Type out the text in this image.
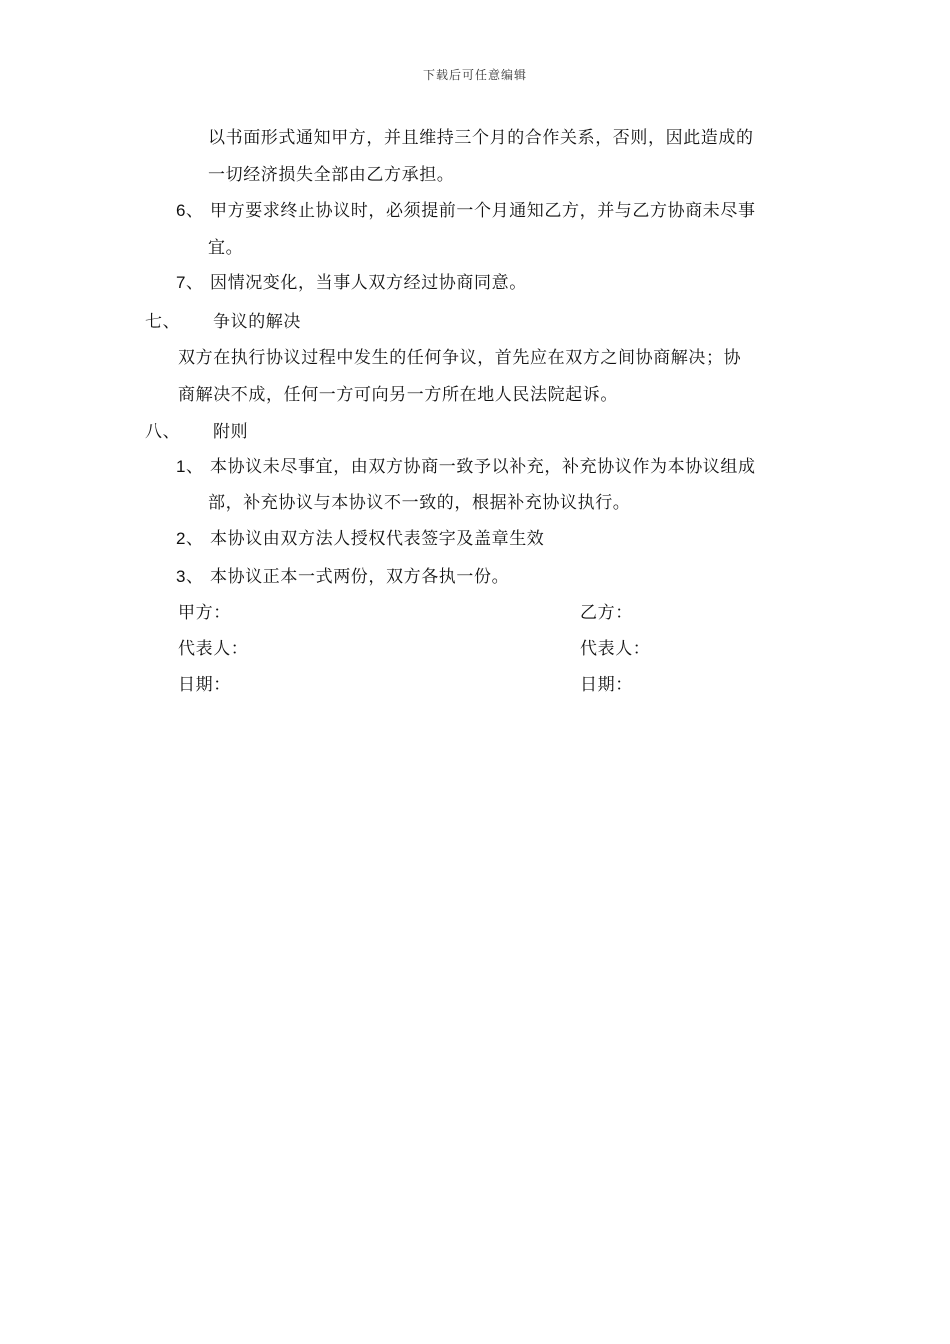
下载后可任意编辑
以书面形式通知甲方，并且维持三个月的合作关系，否则，因此造成的
一切经济损失全部由乙方承担。
6、 甲方要求终止协议时，必须提前一个月通知乙方，并与乙方协商未尽事
宜。
7、 因情况变化，当事人双方经过协商同意。
七、 争议的解决
双方在执行协议过程中发生的任何争议，首先应在双方之间协商解决；协
商解决不成，任何一方可向另一方所在地人民法院起诉。
八、 附则
1、 本协议未尽事宜，由双方协商一致予以补充，补充协议作为本协议组成
部，补充协议与本协议不一致的，根据补充协议执行。
2、 本协议由双方法人授权代表签字及盖章生效
3、 本协议正本一式两份，双方各执一份。
甲方：	乙方：
代表人：	代表人：
日期：	日期：
